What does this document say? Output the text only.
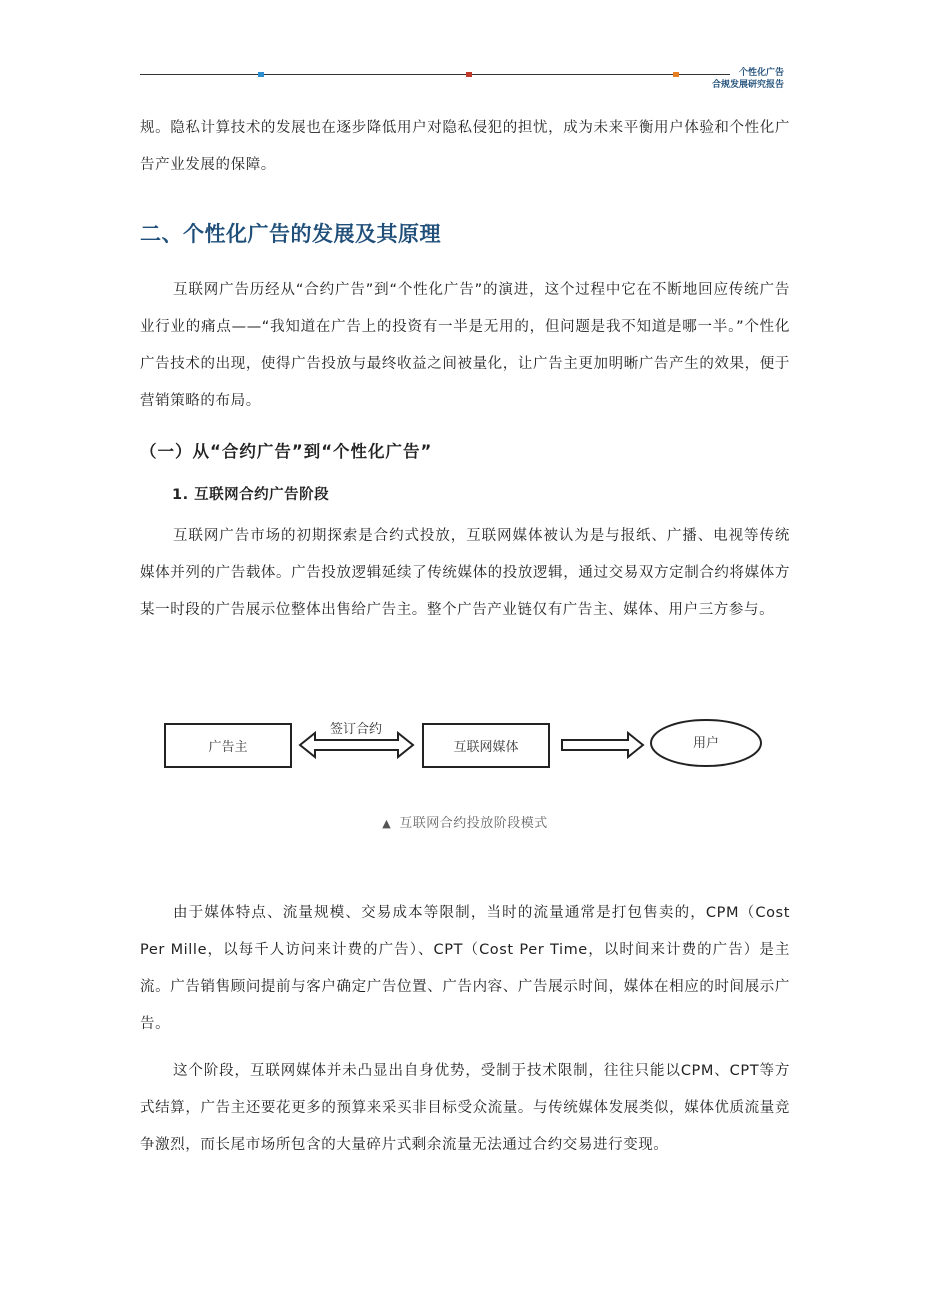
个性化广告
合规发展研究报告

规。隐私计算技术的发展也在逐步降低用户对隐私侵犯的担忧，成为未来平衡用户体验和个性化广告产业发展的保障。

二、个性化广告的发展及其原理

互联网广告历经从“合约广告”到“个性化广告”的演进，这个过程中它在不断地回应传统广告业行业的痛点——“我知道在广告上的投资有一半是无用的，但问题是我不知道是哪一半。”个性化广告技术的出现，使得广告投放与最终收益之间被量化，让广告主更加明晰广告产生的效果，便于营销策略的布局。

（一）从“合约广告”到“个性化广告”
1. 互联网合约广告阶段

互联网广告市场的初期探索是合约式投放，互联网媒体被认为是与报纸、广播、电视等传统媒体并列的广告载体。广告投放逻辑延续了传统媒体的投放逻辑，通过交易双方定制合约将媒体方某一时段的广告展示位整体出售给广告主。整个广告产业链仅有广告主、媒体、用户三方参与。

广告主
签订合约
互联网媒体	用户
▲ 互联网合约投放阶段模式

由于媒体特点、流量规模、交易成本等限制，当时的流量通常是打包售卖的，CPM（Cost Per Mille，以每千人访问来计费的广告）、CPT（Cost Per Time，以时间来计费的广告）是主流。广告销售顾问提前与客户确定广告位置、广告内容、广告展示时间，媒体在相应的时间展示广告。

这个阶段，互联网媒体并未凸显出自身优势，受制于技术限制，往往只能以CPM、CPT等方式结算，广告主还要花更多的预算来采买非目标受众流量。与传统媒体发展类似，媒体优质流量竞争激烈，而长尾市场所包含的大量碎片式剩余流量无法通过合约交易进行变现。
